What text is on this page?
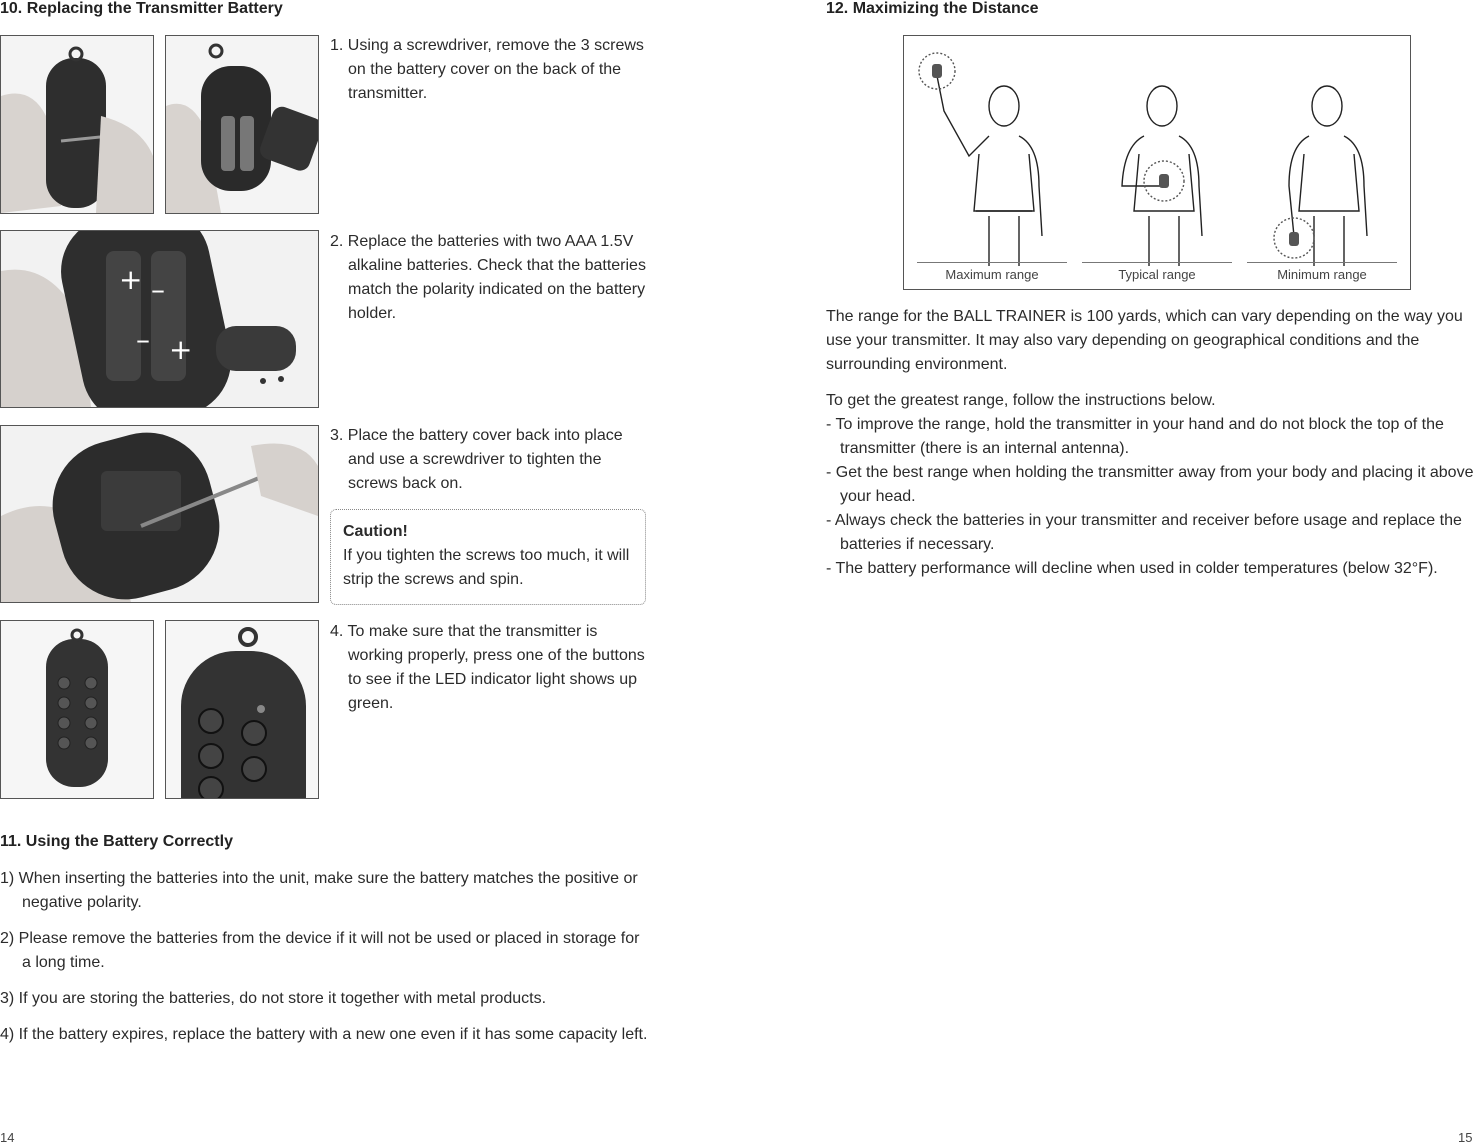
10. Replacing the Transmitter Battery
1. Using a screwdriver, remove the 3 screws on the battery cover on the back of the transmitter.
+ –
– +
2. Replace the batteries with two AAA 1.5V alkaline batteries. Check that the batteries match the polarity indicated on the battery holder.
3. Place the battery cover back into place and use a screwdriver to tighten the screws back on.
Caution!
If you tighten the screws too much, it will strip the screws and spin.
4. To make sure that the transmitter is working properly, press one of the buttons to see if the LED indicator light shows up green.
11. Using the Battery Correctly
1) When inserting the batteries into the unit, make sure the battery matches the positive or negative polarity.
2) Please remove the batteries from the device if it will not be used or placed in storage for a long time.
3) If you are storing the batteries, do not store it together with metal products.
4) If the battery expires, replace the battery with a new one even if it has some capacity left.
14
12. Maximizing the Distance
Maximum range	Typical range	Minimum range
The range for the BALL TRAINER is 100 yards, which can vary depending on the way you use your transmitter. It may also vary depending on geographical conditions and the surrounding environment.
To get the greatest range, follow the instructions below.
- To improve the range, hold the transmitter in your hand and do not block the top of the transmitter (there is an internal antenna).
- Get the best range when holding the transmitter away from your body and placing it above your head.
- Always check the batteries in your transmitter and receiver before usage and replace the batteries if necessary.
- The battery performance will decline when used in colder temperatures (below 32°F).
15
